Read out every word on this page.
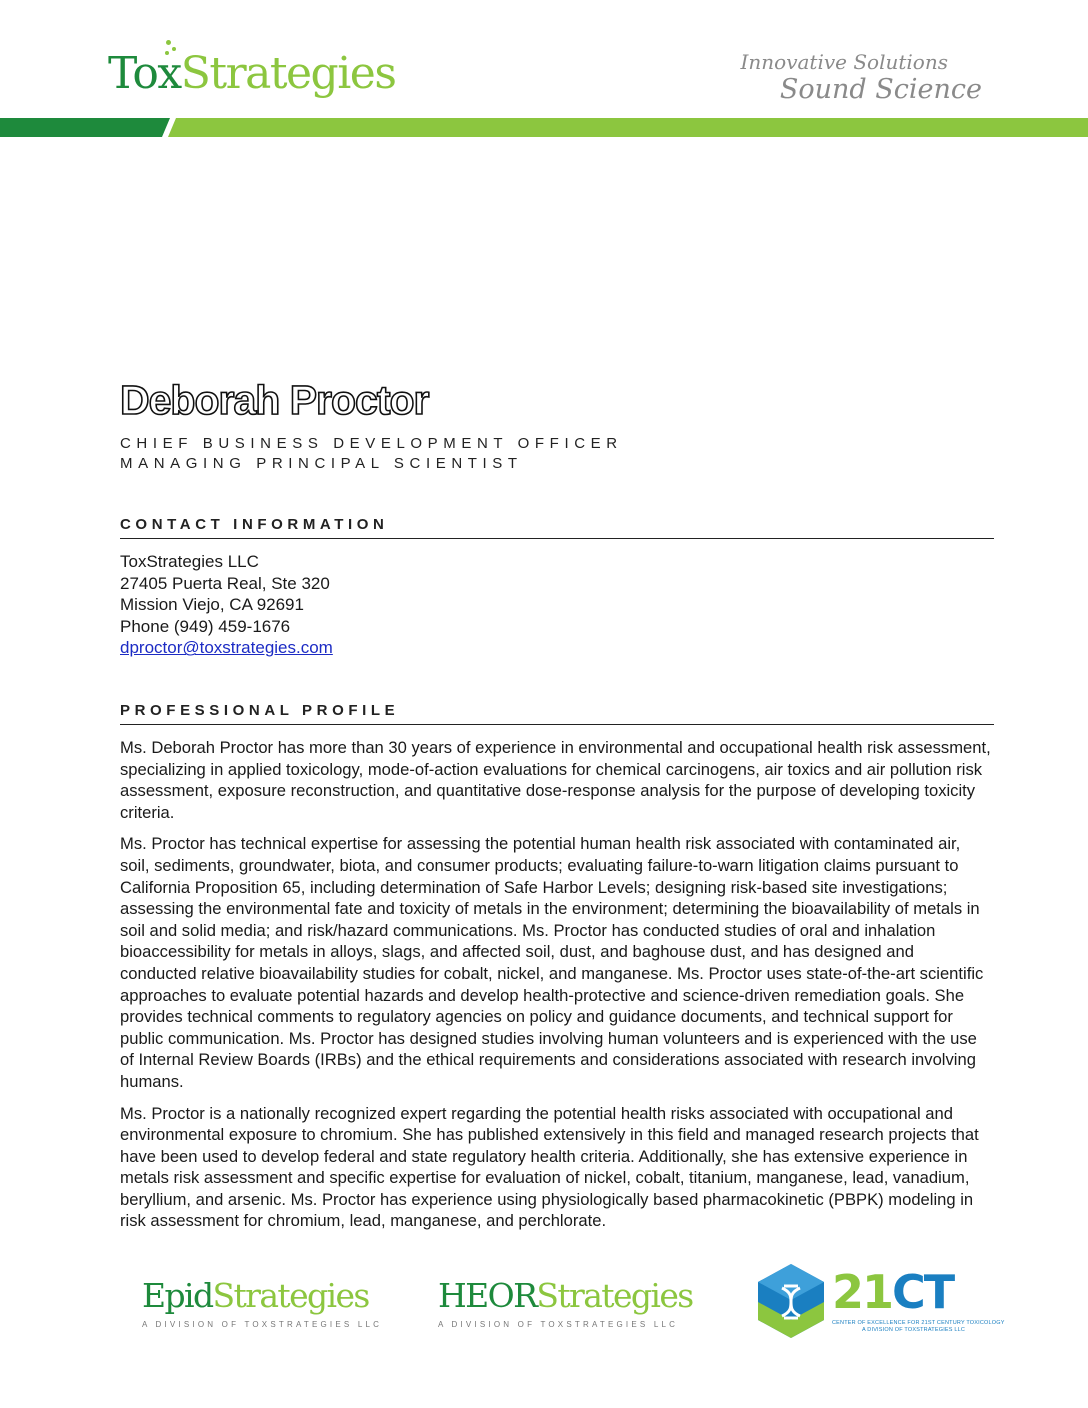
ToxStrategies	Innovative Solutions
Sound Science
Deborah Proctor
CHIEF BUSINESS DEVELOPMENT OFFICER
MANAGING PRINCIPAL SCIENTIST
CONTACT INFORMATION
ToxStrategies LLC
27405 Puerta Real, Ste 320
Mission Viejo, CA 92691
Phone (949) 459-1676
dproctor@toxstrategies.com
PROFESSIONAL PROFILE

Ms. Deborah Proctor has more than 30 years of experience in environmental and occupational health risk assessment, specializing in applied toxicology, mode-of-action evaluations for chemical carcinogens, air toxics and air pollution risk assessment, exposure reconstruction, and quantitative dose-response analysis for the purpose of developing toxicity criteria.

Ms. Proctor has technical expertise for assessing the potential human health risk associated with contaminated air, soil, sediments, groundwater, biota, and consumer products; evaluating failure-to-warn litigation claims pursuant to California Proposition 65, including determination of Safe Harbor Levels; designing risk-based site investigations; assessing the environmental fate and toxicity of metals in the environment; determining the bioavailability of metals in soil and solid media; and risk/hazard communications. Ms. Proctor has conducted studies of oral and inhalation bioaccessibility for metals in alloys, slags, and affected soil, dust, and baghouse dust, and has designed and conducted relative bioavailability studies for cobalt, nickel, and manganese. Ms. Proctor uses state-of-the-art scientific approaches to evaluate potential hazards and develop health-protective and science-driven remediation goals. She provides technical comments to regulatory agencies on policy and guidance documents, and technical support for public communication. Ms. Proctor has designed studies involving human volunteers and is experienced with the use of Internal Review Boards (IRBs) and the ethical requirements and considerations associated with research involving humans.

Ms. Proctor is a nationally recognized expert regarding the potential health risks associated with occupational and environmental exposure to chromium. She has published extensively in this field and managed research projects that have been used to develop federal and state regulatory health criteria. Additionally, she has extensive experience in metals risk assessment and specific expertise for evaluation of nickel, cobalt, titanium, manganese, lead, vanadium, beryllium, and arsenic. Ms. Proctor has experience using physiologically based pharmacokinetic (PBPK) modeling in risk assessment for chromium, lead, manganese, and perchlorate.

EpidStrategies
A DIVISION OF TOXSTRATEGIES LLC
HEORStrategies
A DIVISION OF TOXSTRATEGIES LLC
21CT
CENTER OF EXCELLENCE FOR 21ST CENTURY TOXICOLOGY
A DIVISION OF TOXSTRATEGIES LLC
